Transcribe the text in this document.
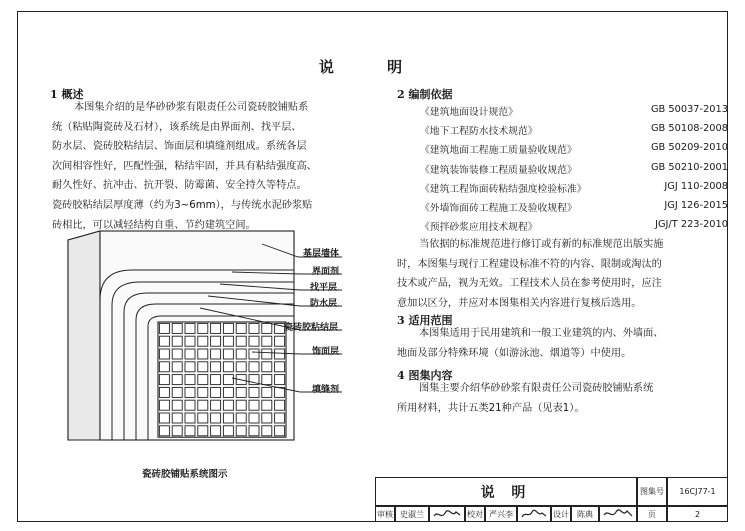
说 明
1 概述
本图集介绍的是华砂砂浆有限责任公司瓷砖胶铺贴系
统（粘贴陶瓷砖及石材），该系统是由界面剂、找平层、
防水层、瓷砖胶粘结层、饰面层和填缝剂组成。系统各层
次间相容性好，匹配性强，粘结牢固，并具有粘结强度高、
耐久性好、抗冲击、抗开裂、防霉菌、安全持久等特点。
瓷砖胶粘结层厚度薄（约为3~6mm），与传统水泥砂浆贴
砖相比，可以减轻结构自重、节约建筑空间。
2 编制依据
《建筑地面设计规范》	GB 50037-2013
《地下工程防水技术规范》	GB 50108-2008
《建筑地面工程施工质量验收规范》	GB 50209-2010
《建筑装饰装修工程质量验收规范》	GB 50210-2001
《建筑工程饰面砖粘结强度检验标准》	JGJ 110-2008
《外墙饰面砖工程施工及验收规程》	JGJ 126-2015
《预拌砂浆应用技术规程》	JGJ/T 223-2010
当依据的标准规范进行修订或有新的标准规范出版实施
时，本图集与现行工程建设标准不符的内容、限制或淘汰的
技术或产品，视为无效。工程技术人员在参考使用时，应注
意加以区分，并应对本图集相关内容进行复核后选用。
3 适用范围
本图集适用于民用建筑和一般工业建筑的内、外墙面、
地面及部分特殊环境（如游泳池、烟道等）中使用。
4 图集内容
图集主要介绍华砂砂浆有限责任公司瓷砖胶铺贴系统
所用材料，共计五类21种产品（见表1）。
基层墙体
界面剂
找平层
防水层
瓷砖胶粘结层
饰面层
填缝剂
瓷砖胶铺贴系统图示
说 明	图集号	16CJ77-1
审核 史淑兰	校对 严兴李	设计	陈典	页	2
